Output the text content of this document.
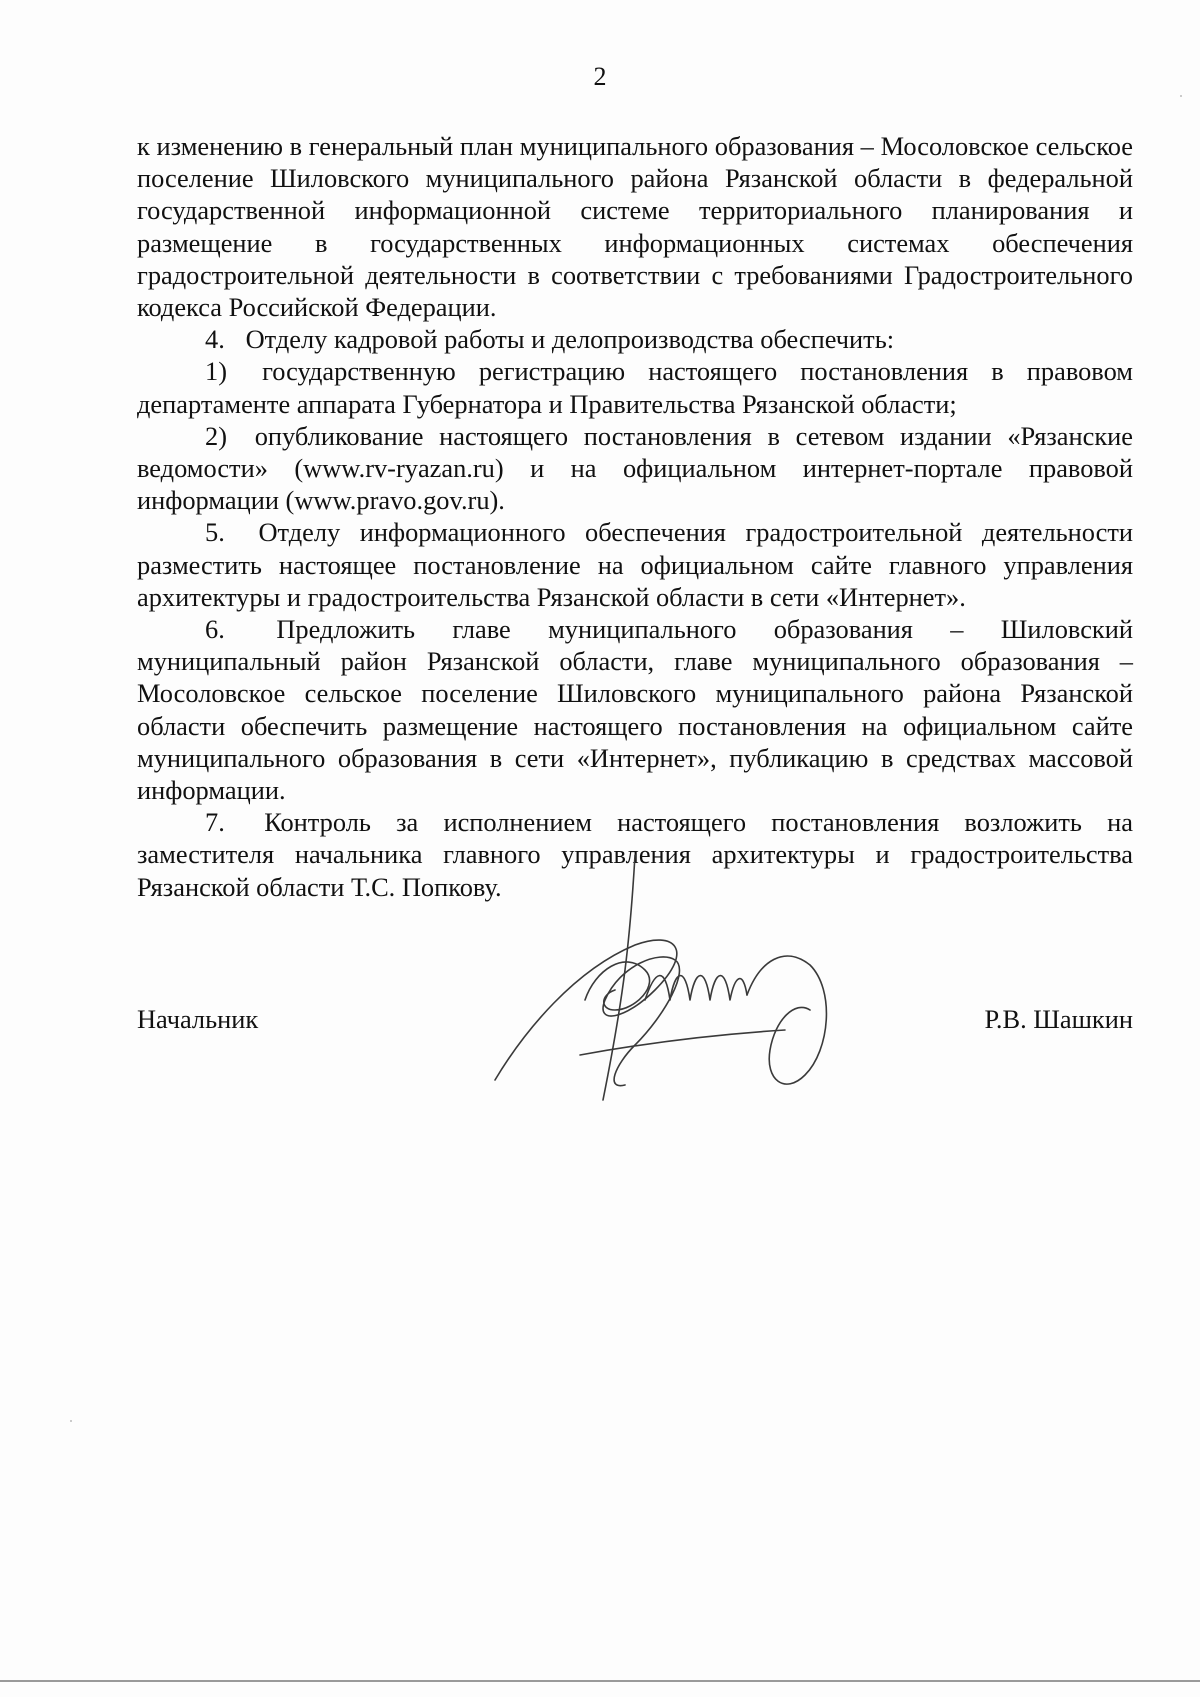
2

к изменению в генеральный план муниципального образования – Мосоловское сельское поселение Шиловского муниципального района Рязанской области в федеральной государственной информационной системе территориального планирования и размещение в государственных информационных системах обеспечения градостроительной деятельности в соответствии с требованиями Градостроительного кодекса Российской Федерации.

4. Отделу кадровой работы и делопроизводства обеспечить:

1) государственную регистрацию настоящего постановления в правовом департаменте аппарата Губернатора и Правительства Рязанской области;

2) опубликование настоящего постановления в сетевом издании «Рязанские ведомости» (www.rv-ryazan.ru) и на официальном интернет-портале правовой информации (www.pravo.gov.ru).

5. Отделу информационного обеспечения градостроительной деятельности разместить настоящее постановление на официальном сайте главного управления архитектуры и градостроительства Рязанской области в сети «Интернет».

6. Предложить главе муниципального образования – Шиловский муниципальный район Рязанской области, главе муниципального образования – Мосоловское сельское поселение Шиловского муниципального района Рязанской области обеспечить размещение настоящего постановления на официальном сайте муниципального образования в сети «Интернет», публикацию в средствах массовой информации.

7. Контроль за исполнением настоящего постановления возложить на заместителя начальника главного управления архитектуры и градостроительства Рязанской области Т.С. Попкову.

Начальник	Р.В. Шашкин
